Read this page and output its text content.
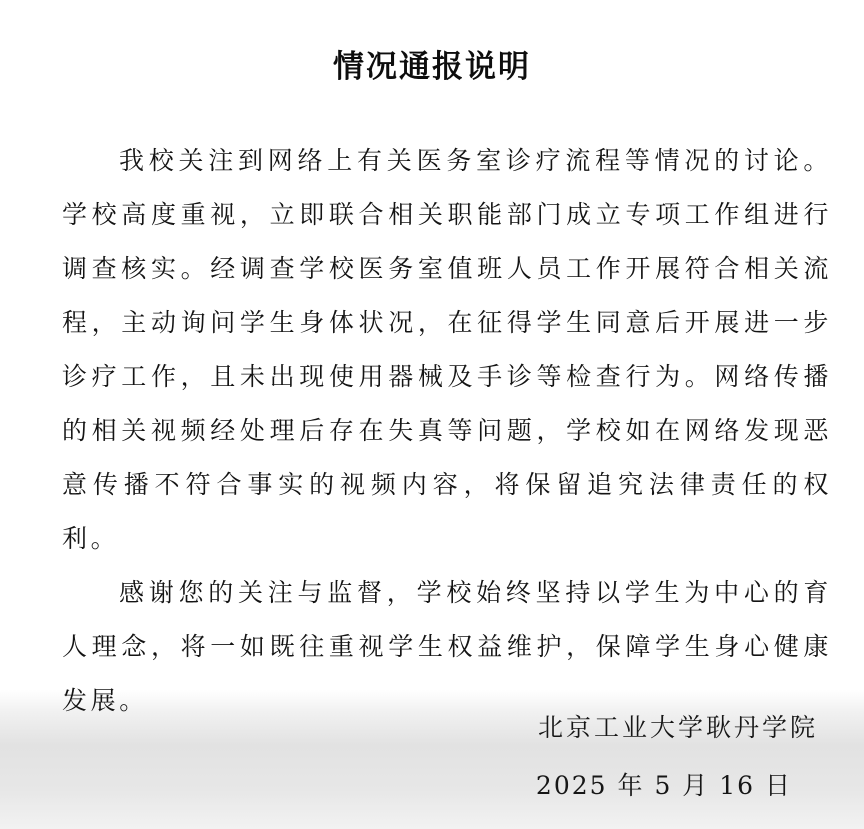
情况通报说明

我校关注到网络上有关医务室诊疗流程等情况的讨论。学校高度重视，立即联合相关职能部门成立专项工作组进行调查核实。经调查学校医务室值班人员工作开展符合相关流程，主动询问学生身体状况，在征得学生同意后开展进一步诊疗工作，且未出现使用器械及手诊等检查行为。网络传播的相关视频经处理后存在失真等问题，学校如在网络发现恶意传播不符合事实的视频内容，将保留追究法律责任的权利。

感谢您的关注与监督，学校始终坚持以学生为中心的育人理念，将一如既往重视学生权益维护，保障学生身心健康发展。

北京工业大学耿丹学院
2025 年 5 月 16 日
